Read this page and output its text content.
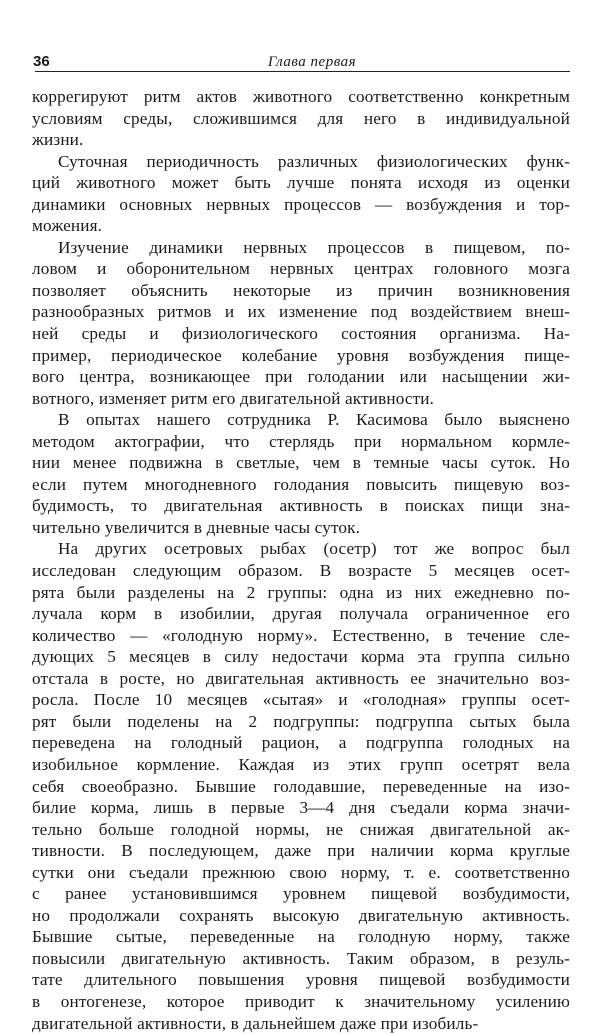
36	Глава первая
коррегируют ритм актов животного соответственно конкретным
условиям среды, сложившимся для него в индивидуальной
жизни.
Суточная периодичность различных физиологических функ-
ций животного может быть лучше понята исходя из оценки
динамики основных нервных процессов — возбуждения и тор-
можения.
Изучение динамики нервных процессов в пищевом, по-
ловом и оборонительном нервных центрах головного мозга
позволяет объяснить некоторые из причин возникновения
разнообразных ритмов и их изменение под воздействием внеш-
ней среды и физиологического состояния организма. На-
пример, периодическое колебание уровня возбуждения пище-
вого центра, возникающее при голодании или насыщении жи-
вотного, изменяет ритм его двигательной активности.
В опытах нашего сотрудника Р. Касимова было выяснено
методом актографии, что стерлядь при нормальном кормле-
нии менее подвижна в светлые, чем в темные часы суток. Но
если путем многодневного голодания повысить пищевую воз-
будимость, то двигательная активность в поисках пищи зна-
чительно увеличится в дневные часы суток.
На других осетровых рыбах (осетр) тот же вопрос был
исследован следующим образом. В возрасте 5 месяцев осет-
рята были разделены на 2 группы: одна из них ежедневно по-
лучала корм в изобилии, другая получала ограниченное его
количество — «голодную норму». Естественно, в течение сле-
дующих 5 месяцев в силу недостачи корма эта группа сильно
отстала в росте, но двигательная активность ее значительно воз-
росла. После 10 месяцев «сытая» и «голодная» группы осет-
рят были поделены на 2 подгруппы: подгруппа сытых была
переведена на голодный рацион, а подгруппа голодных на
изобильное кормление. Каждая из этих групп осетрят вела
себя своеобразно. Бывшие голодавшие, переведенные на изо-
билие корма, лишь в первые 3—4 дня съедали корма значи-
тельно больше голодной нормы, не снижая двигательной ак-
тивности. В последующем, даже при наличии корма круглые
сутки они съедали прежнюю свою норму, т. е. соответственно
с ранее установившимся уровнем пищевой возбудимости,
но продолжали сохранять высокую двигательную активность.
Бывшие сытые, переведенные на голодную норму, также
повысили двигательную активность. Таким образом, в резуль-
тате длительного повышения уровня пищевой возбудимости
в онтогенезе, которое приводит к значительному усилению
двигательной активности, в дальнейшем даже при изобиль-
